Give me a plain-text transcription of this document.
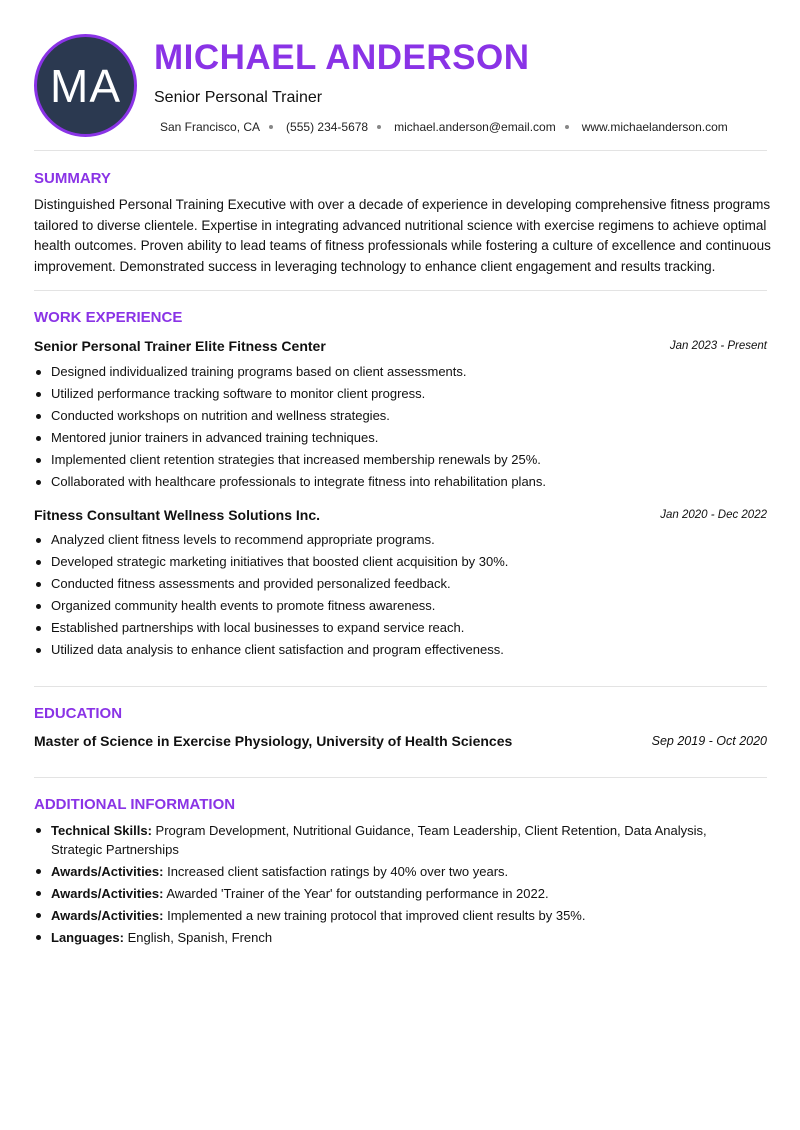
MA
MICHAEL ANDERSON
Senior Personal Trainer
San Francisco, CA (555) 234-5678 michael.anderson@email.com www.michaelanderson.com
SUMMARY

Distinguished Personal Training Executive with over a decade of experience in developing comprehensive fitness programs tailored to diverse clientele. Expertise in integrating advanced nutritional science with exercise regimens to achieve optimal health outcomes. Proven ability to lead teams of fitness professionals while fostering a culture of excellence and continuous improvement. Demonstrated success in leveraging technology to enhance client engagement and results tracking.

WORK EXPERIENCE
Senior Personal Trainer Elite Fitness Center	Jan 2023 - Present
Designed individualized training programs based on client assessments.
Utilized performance tracking software to monitor client progress.
Conducted workshops on nutrition and wellness strategies.
Mentored junior trainers in advanced training techniques.
Implemented client retention strategies that increased membership renewals by 25%.
Collaborated with healthcare professionals to integrate fitness into rehabilitation plans.
Fitness Consultant Wellness Solutions Inc.	Jan 2020 - Dec 2022
Analyzed client fitness levels to recommend appropriate programs.
Developed strategic marketing initiatives that boosted client acquisition by 30%.
Conducted fitness assessments and provided personalized feedback.
Organized community health events to promote fitness awareness.
Established partnerships with local businesses to expand service reach.
Utilized data analysis to enhance client satisfaction and program effectiveness.
EDUCATION
Master of Science in Exercise Physiology, University of Health Sciences	Sep 2019 - Oct 2020
ADDITIONAL INFORMATION
Technical Skills: Program Development, Nutritional Guidance, Team Leadership, Client Retention, Data Analysis, Strategic Partnerships
Awards/Activities: Increased client satisfaction ratings by 40% over two years.
Awards/Activities: Awarded 'Trainer of the Year' for outstanding performance in 2022.
Awards/Activities: Implemented a new training protocol that improved client results by 35%.
Languages: English, Spanish, French
